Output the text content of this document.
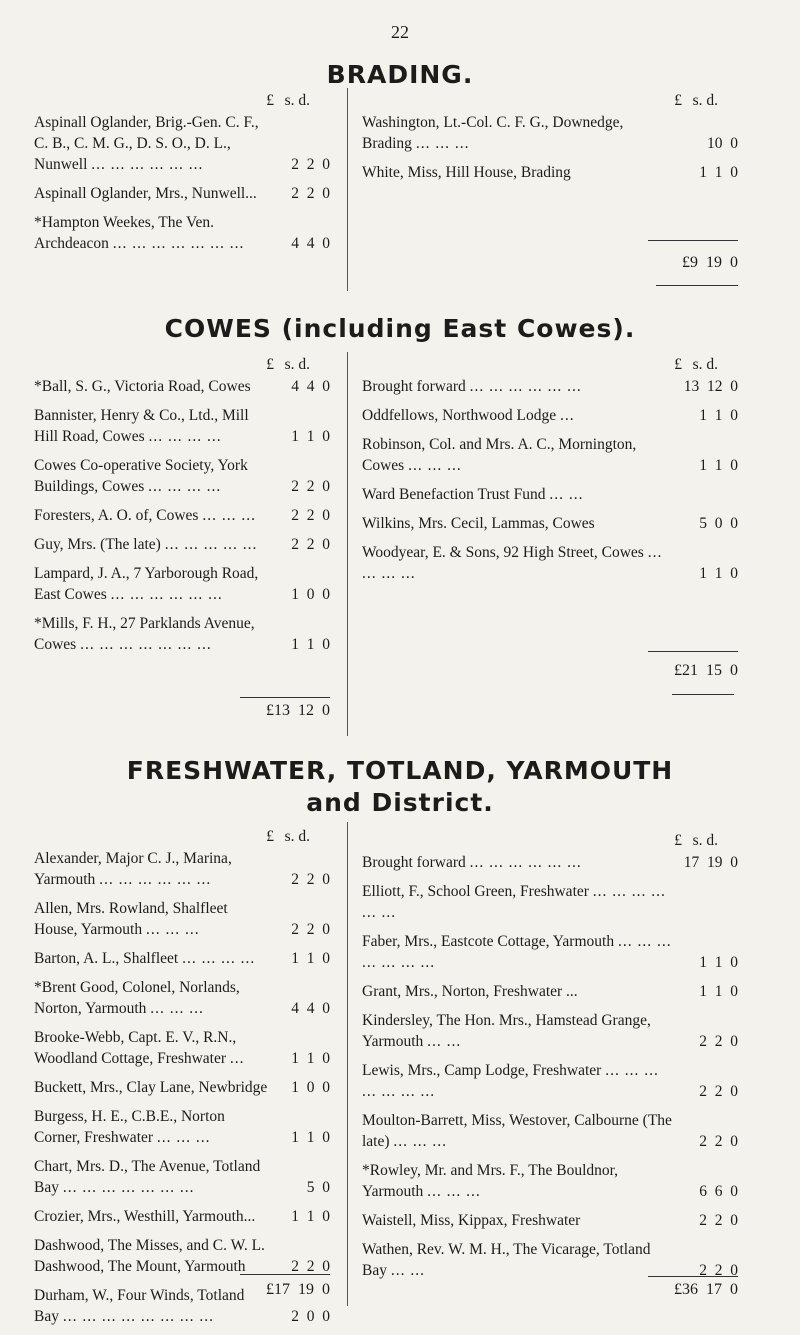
22
BRADING.
£ s. d.
Aspinall Oglander, Brig.-Gen. C. F., C. B., C. M. G., D. S. O., D. L., Nunwell ... ... ... ... ... ...	2  2  0
Aspinall Oglander, Mrs., Nunwell...	2  2  0
*Hampton Weekes, The Ven. Archdeacon ... ... ... ... ... ... ...	4  4  0
£ s. d.
Washington, Lt.-Col. C. F. G., Downedge, Brading ... ... ...	10  0
White, Miss, Hill House, Brading	1  1  0
£9  19  0
COWES (including East Cowes).
£ s. d.
*Ball, S. G., Victoria Road, Cowes	4  4  0
Bannister, Henry & Co., Ltd., Mill Hill Road, Cowes ... ... ... ...	1  1  0
Cowes Co-operative Society, York Buildings, Cowes ... ... ... ...	2  2  0
Foresters, A. O. of, Cowes ... ... ...	2  2  0
Guy, Mrs. (The late) ... ... ... ... ...	2  2  0
Lampard, J. A., 7 Yarborough Road, East Cowes ... ... ... ... ... ...	1  0  0
*Mills, F. H., 27 Parklands Avenue, Cowes ... ... ... ... ... ... ...	1  1  0
£13  12  0
£ s. d.
Brought forward ... ... ... ... ... ...	13  12  0
Oddfellows, Northwood Lodge ...	1  1  0
Robinson, Col. and Mrs. A. C., Mornington, Cowes ... ... ...	1  1  0
Ward Benefaction Trust Fund ... ...
Wilkins, Mrs. Cecil, Lammas, Cowes	5  0  0
Woodyear, E. & Sons, 92 High Street, Cowes ... ... ... ...	1  1  0
£21  15  0
FRESHWATER, TOTLAND, YARMOUTH
and District.
£ s. d.
Alexander, Major C. J., Marina, Yarmouth ... ... ... ... ... ...	2  2  0
Allen, Mrs. Rowland, Shalfleet House, Yarmouth ... ... ...	2  2  0
Barton, A. L., Shalfleet ... ... ... ...	1  1  0
*Brent Good, Colonel, Norlands, Norton, Yarmouth ... ... ...	4  4  0
Brooke-Webb, Capt. E. V., R.N., Woodland Cottage, Freshwater ...	1  1  0
Buckett, Mrs., Clay Lane, Newbridge	1  0  0
Burgess, H. E., C.B.E., Norton Corner, Freshwater ... ... ...	1  1  0
Chart, Mrs. D., The Avenue, Totland Bay ... ... ... ... ... ... ...	5  0
Crozier, Mrs., Westhill, Yarmouth...	1  1  0
Dashwood, The Misses, and C. W. L. Dashwood, The Mount, Yarmouth	2  2  0
Durham, W., Four Winds, Totland Bay ... ... ... ... ... ... ... ...	2  0  0
£17  19  0
£ s. d.
Brought forward ... ... ... ... ... ...	17  19  0
Elliott, F., School Green, Freshwater ... ... ... ... ... ...
Faber, Mrs., Eastcote Cottage, Yarmouth ... ... ... ... ... ... ...	1  1  0
Grant, Mrs., Norton, Freshwater ...	1  1  0
Kindersley, The Hon. Mrs., Hamstead Grange, Yarmouth ... ...	2  2  0
Lewis, Mrs., Camp Lodge, Freshwater ... ... ... ... ... ... ...	2  2  0
Moulton-Barrett, Miss, Westover, Calbourne (The late) ... ... ...	2  2  0
*Rowley, Mr. and Mrs. F., The Bouldnor, Yarmouth ... ... ...	6  6  0
Waistell, Miss, Kippax, Freshwater	2  2  0
Wathen, Rev. W. M. H., The Vicarage, Totland Bay ... ...	2  2  0
£36  17  0
